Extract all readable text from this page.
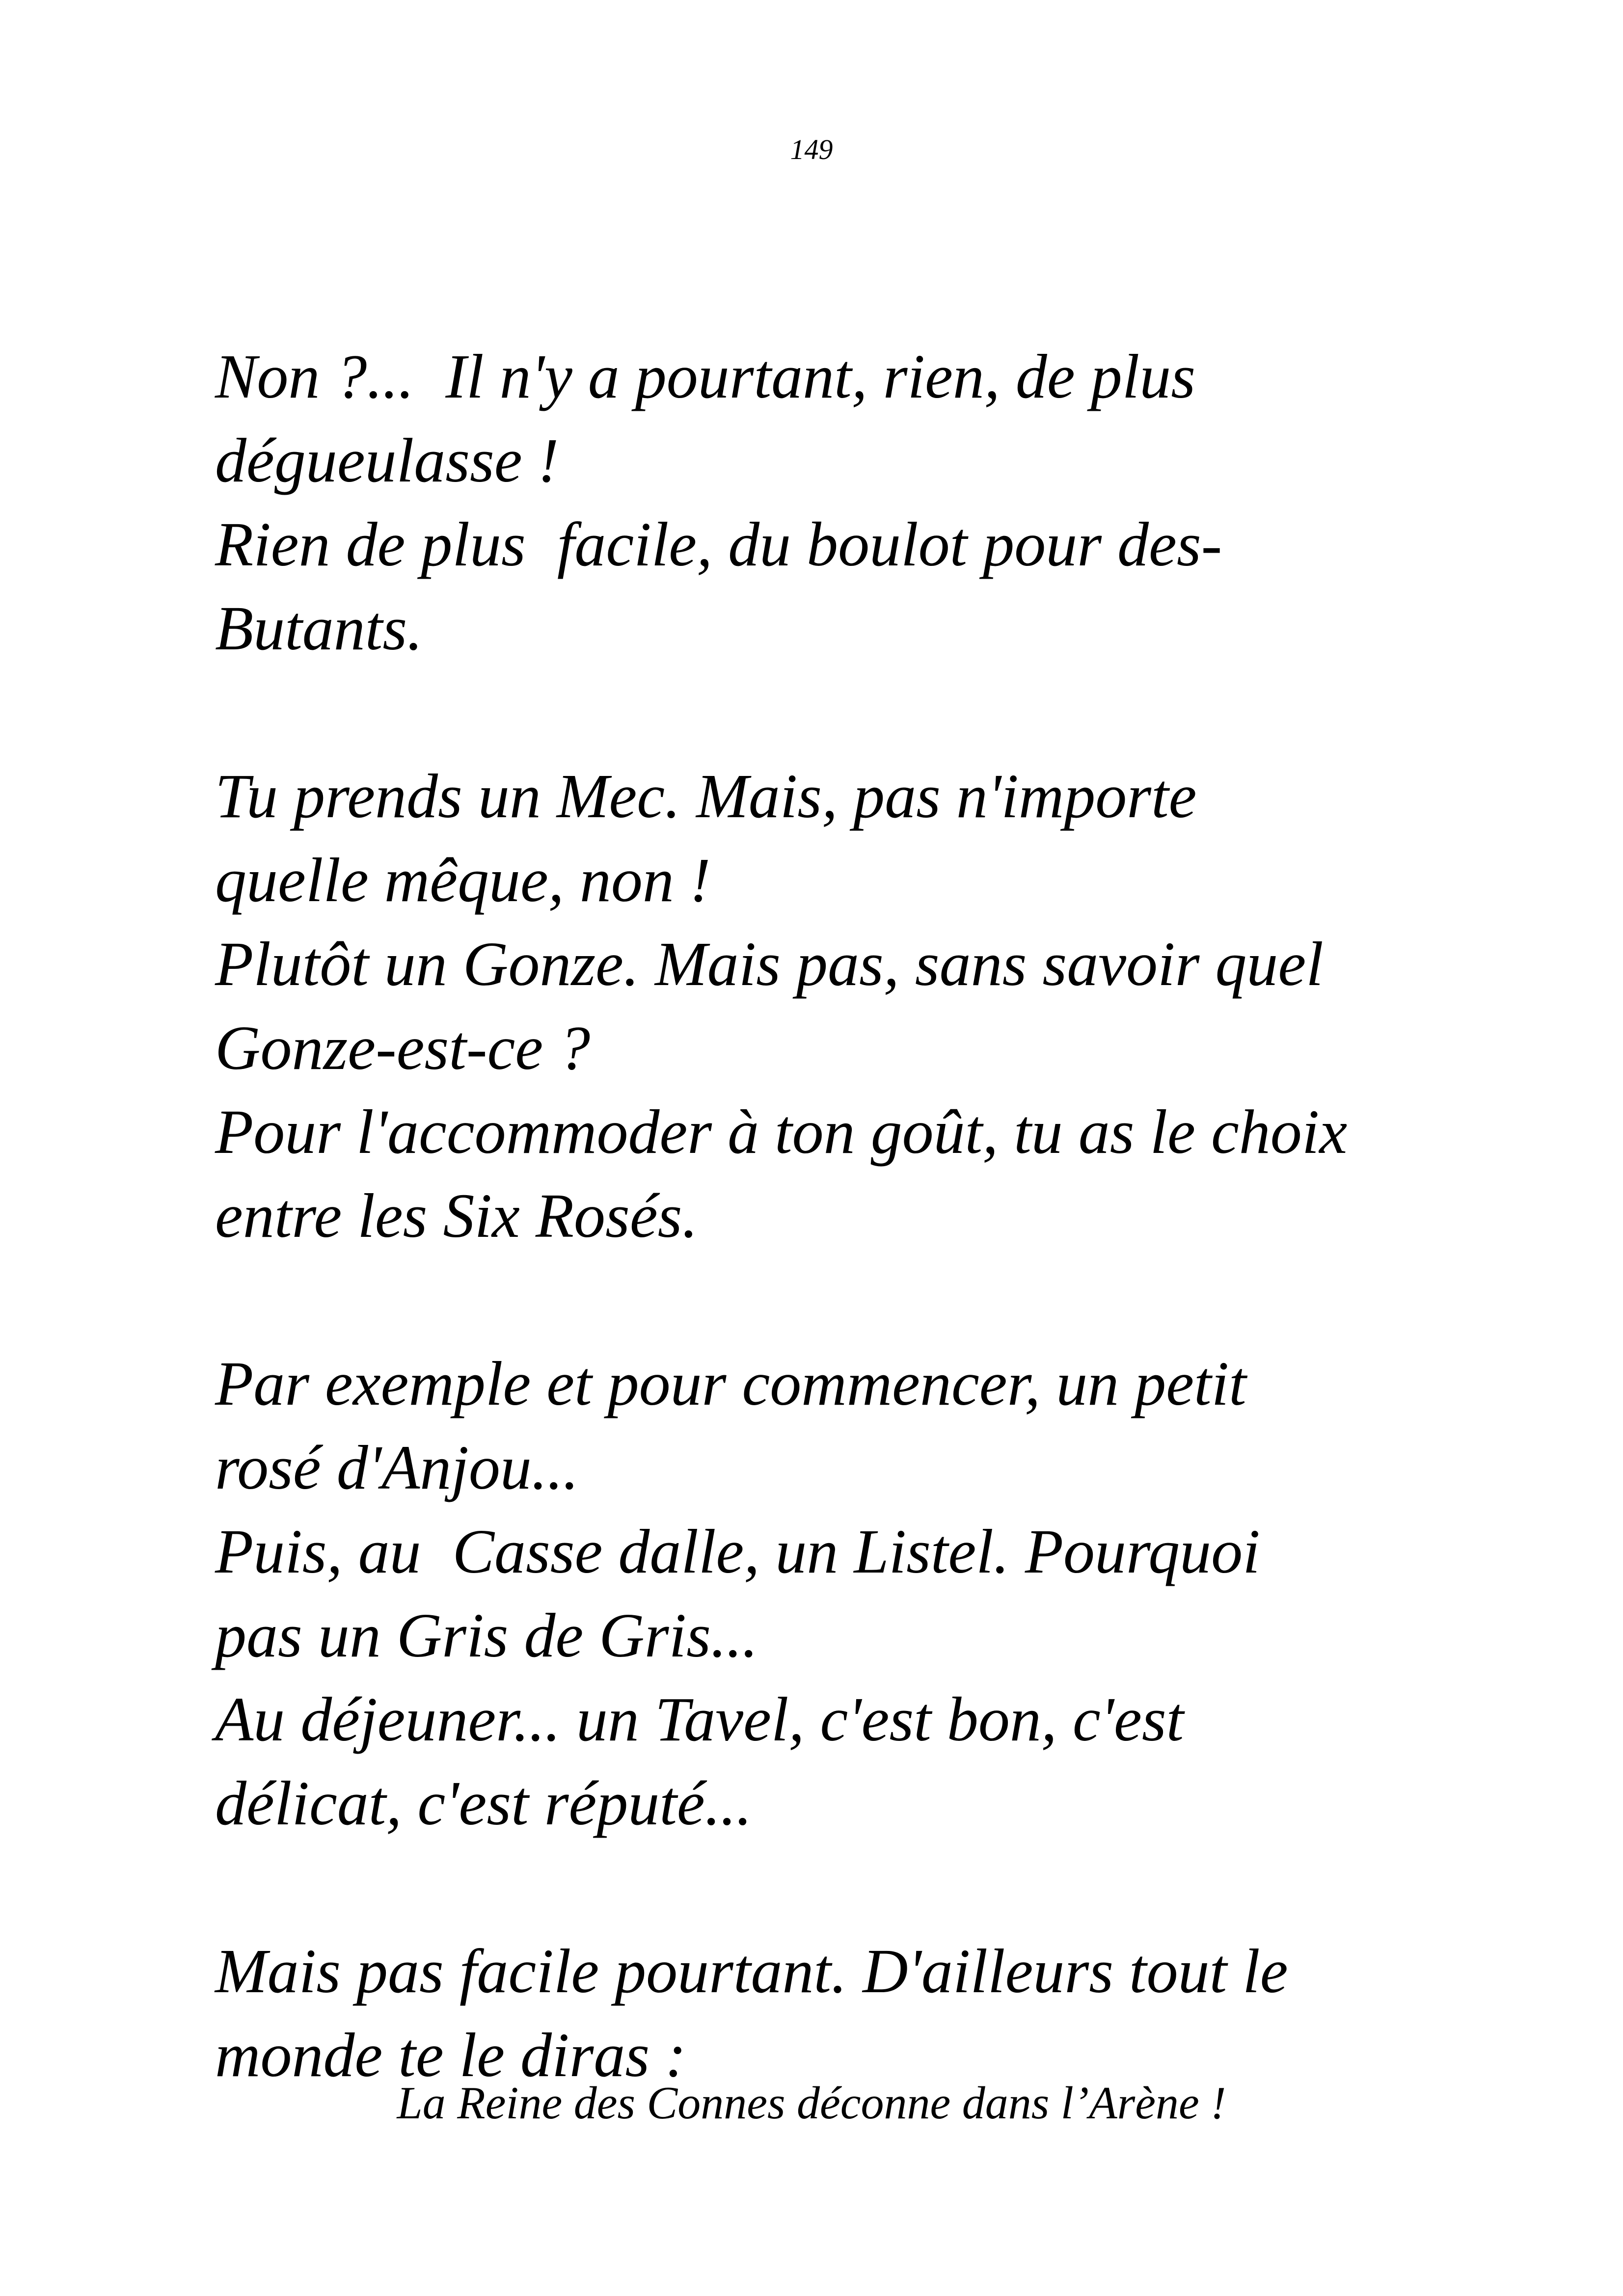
149
Non ?...  Il n'y a pourtant, rien, de plus
dégueulasse !
Rien de plus  facile, du boulot pour des-
Butants.
Tu prends un Mec. Mais, pas n'importe
quelle mêque, non !
Plutôt un Gonze. Mais pas, sans savoir quel
Gonze-est-ce ?
Pour l'accommoder à ton goût, tu as le choix
entre les Six Rosés.
Par exemple et pour commencer, un petit
rosé d'Anjou...
Puis, au  Casse dalle, un Listel. Pourquoi
pas un Gris de Gris...
Au déjeuner... un Tavel, c'est bon, c'est
délicat, c'est réputé...
Mais pas facile pourtant. D'ailleurs tout le
monde te le diras :
La Reine des Connes déconne dans l’Arène !
